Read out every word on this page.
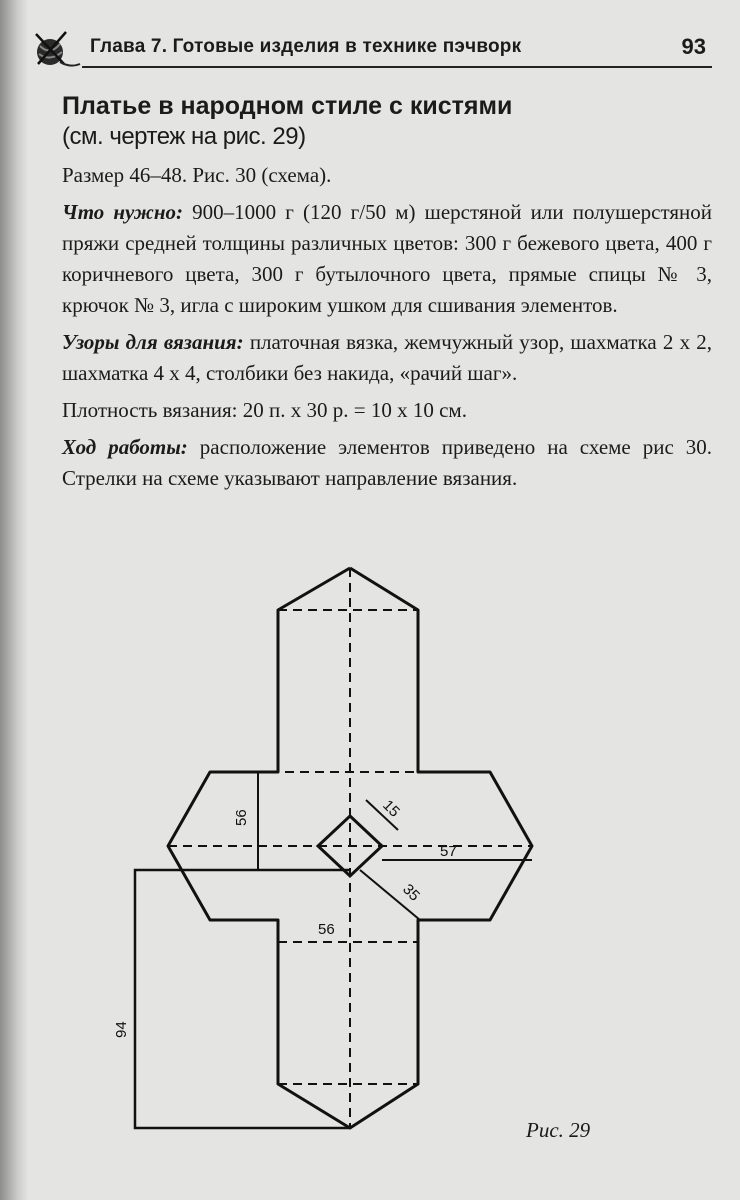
Глава 7. Готовые изделия в технике пэчворк	93
Платье в народном стиле с кистями
(см. чертеж на рис. 29)

Размер 46–48. Рис. 30 (схема).

Что нужно: 900–1000 г (120 г/50 м) шерстяной или полушерстяной пряжи средней толщины различных цветов: 300 г бежевого цвета, 400 г коричневого цвета, 300 г бутылочного цвета, прямые спицы № 3, крючок № 3, игла с широким ушком для сшивания элементов.

Узоры для вязания: платочная вязка, жемчужный узор, шахматка 2 х 2, шахматка 4 х 4, столбики без накида, «рачий шаг».

Плотность вязания: 20 п. х 30 р. = 10 х 10 см.

Ход работы: расположение элементов приведено на схеме рис 30. Стрелки на схеме указывают направление вязания.

56	15
57
35
56
94
Рис. 29
